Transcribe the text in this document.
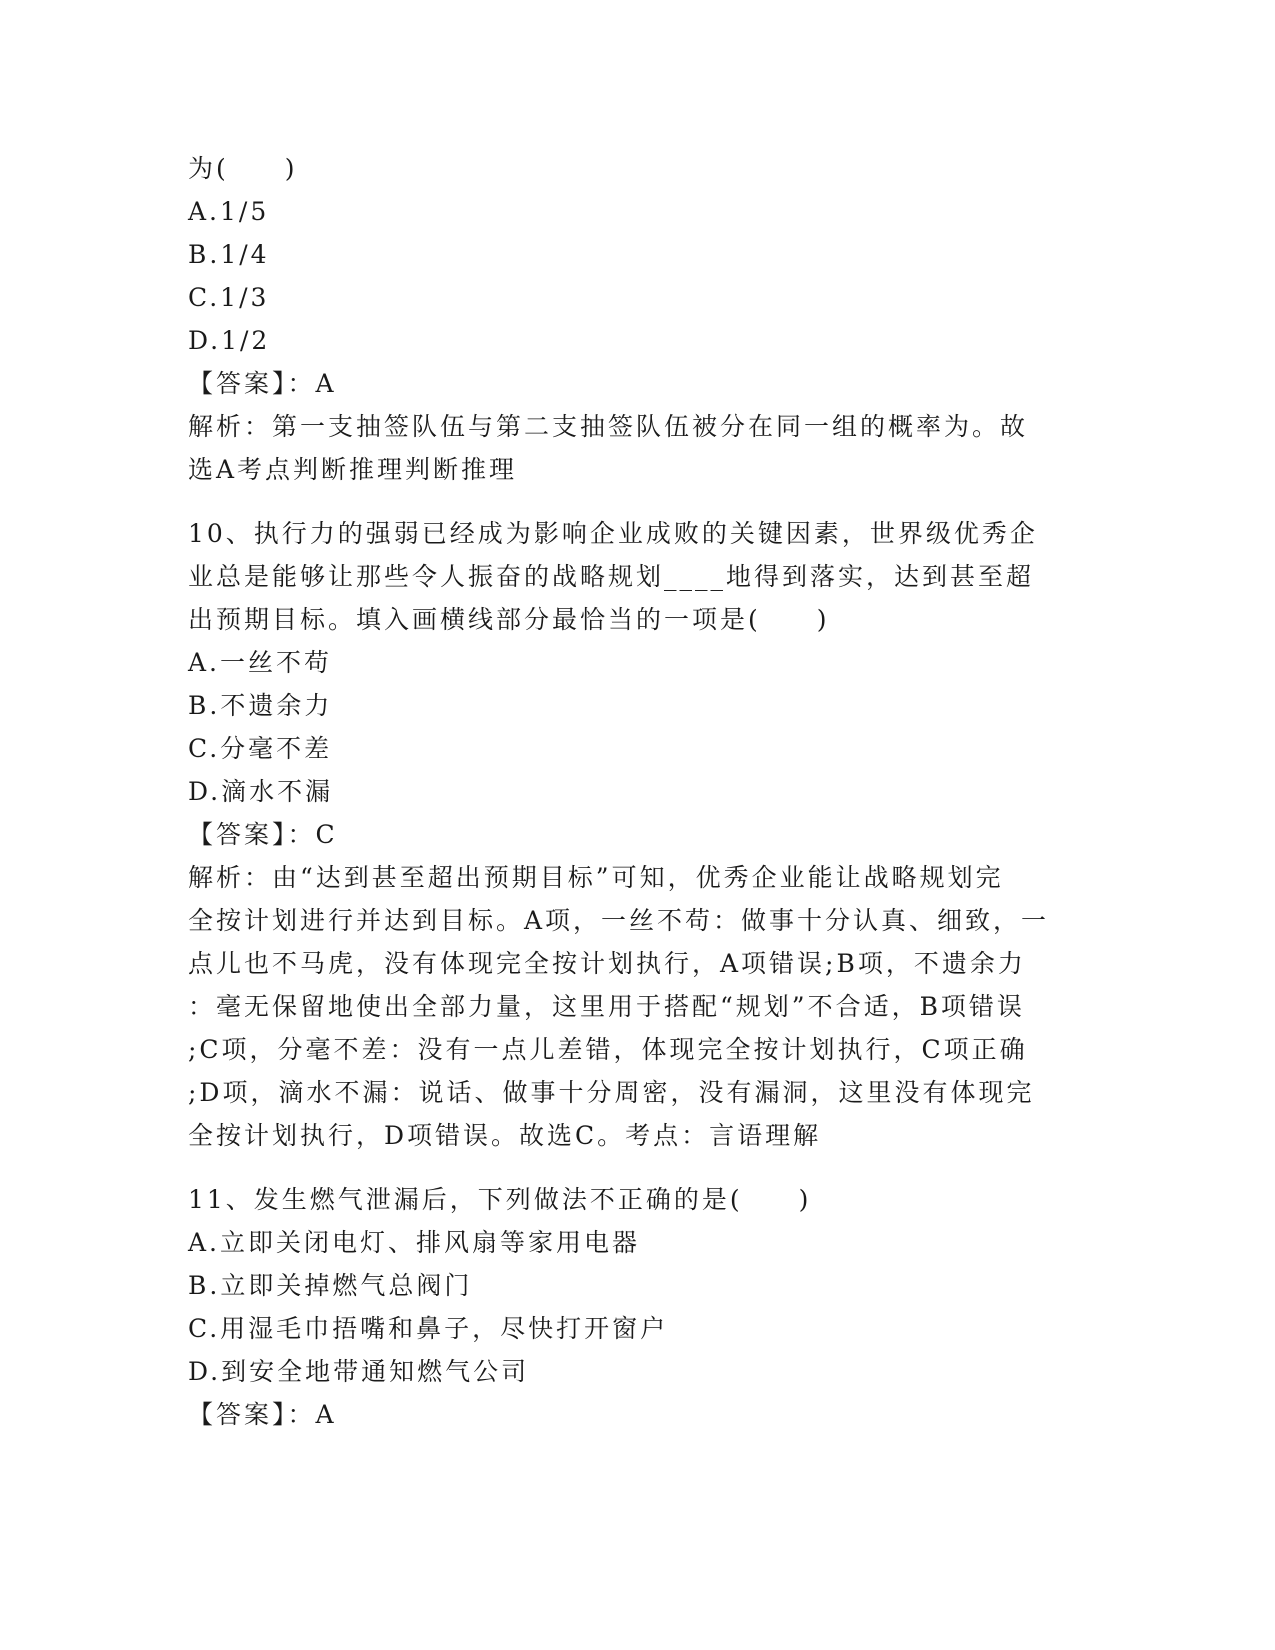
为(　　)
A.1/5
B.1/4
C.1/3
D.1/2
【答案】：A
解析：第一支抽签队伍与第二支抽签队伍被分在同一组的概率为。故
选A考点判断推理判断推理
10、执行力的强弱已经成为影响企业成败的关键因素，世界级优秀企
业总是能够让那些令人振奋的战略规划____地得到落实，达到甚至超
出预期目标。填入画横线部分最恰当的一项是(　　)
A.一丝不苟
B.不遗余力
C.分毫不差
D.滴水不漏
【答案】：C
解析：由“达到甚至超出预期目标”可知，优秀企业能让战略规划完
全按计划进行并达到目标。A项，一丝不苟：做事十分认真、细致，一
点儿也不马虎，没有体现完全按计划执行，A项错误;B项，不遗余力
：毫无保留地使出全部力量，这里用于搭配“规划”不合适，B项错误
;C项，分毫不差：没有一点儿差错，体现完全按计划执行，C项正确
;D项，滴水不漏：说话、做事十分周密，没有漏洞，这里没有体现完
全按计划执行，D项错误。故选C。考点：言语理解
11、发生燃气泄漏后，下列做法不正确的是(　　)
A.立即关闭电灯、排风扇等家用电器
B.立即关掉燃气总阀门
C.用湿毛巾捂嘴和鼻子，尽快打开窗户
D.到安全地带通知燃气公司
【答案】：A
